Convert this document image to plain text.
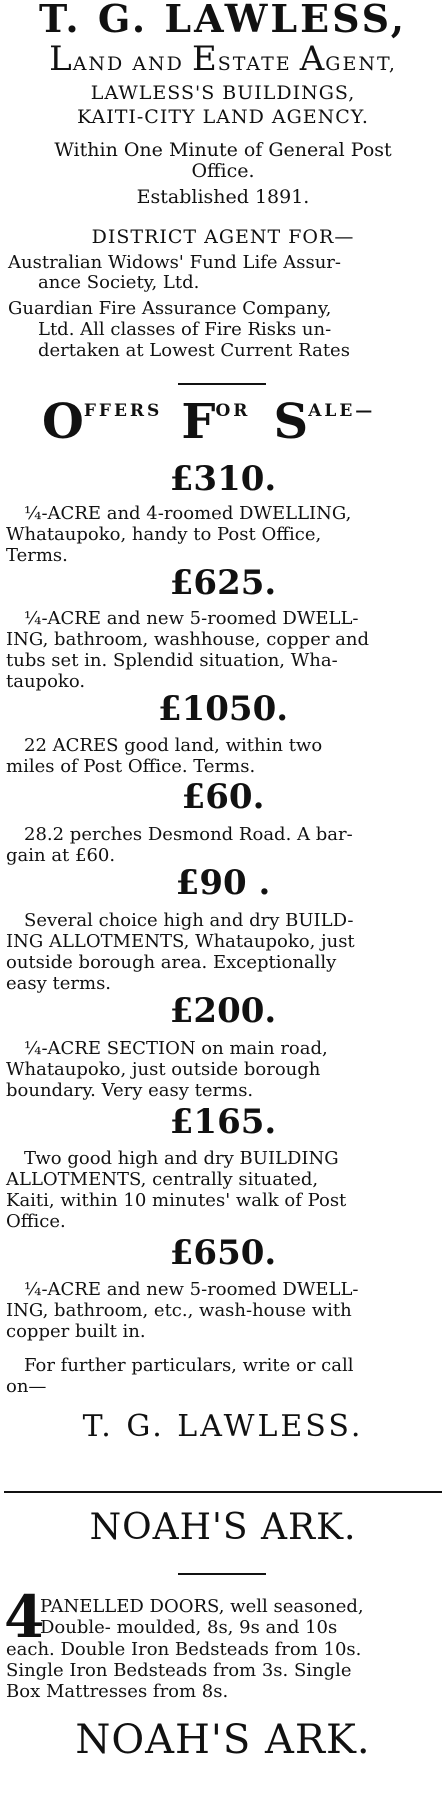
T. G. LAWLESS,
LAND AND ESTATE AGENT,
LAWLESS'S BUILDINGS,
KAITI-CITY LAND AGENCY.
Within One Minute of General Post
Office.
Established 1891.
DISTRICT AGENT FOR—
Australian Widows' Fund Life Assur-
ance Society, Ltd.
Guardian Fire Assurance Company,
Ltd. All classes of Fire Risks un-
dertaken at Lowest Current Rates
OFFERS FOR SALE—
£310.
¼-ACRE and 4-roomed DWELLING,
Whataupoko, handy to Post Office,
Terms.
£625.
¼-ACRE and new 5-roomed DWELL-
ING, bathroom, washhouse, copper and
tubs set in. Splendid situation, Wha-
taupoko.
£1050.
22 ACRES good land, within two
miles of Post Office. Terms.
£60.
28.2 perches Desmond Road. A bar-
gain at £60.
£90 .
Several choice high and dry BUILD-
ING ALLOTMENTS, Whataupoko, just
outside borough area. Exceptionally
easy terms.
£200.
¼-ACRE SECTION on main road,
Whataupoko, just outside borough
boundary. Very easy terms.
£165.
Two good high and dry BUILDING
ALLOTMENTS, centrally situated,
Kaiti, within 10 minutes' walk of Post
Office.
£650.
¼-ACRE and new 5-roomed DWELL-
ING, bathroom, etc., wash-house with
copper built in.
For further particulars, write or call
on—
T. G. LAWLESS.
NOAH'S ARK.
4
PANELLED DOORS, well seasoned,
Double- moulded, 8s, 9s and 10s
each. Double Iron Bedsteads from 10s.
Single Iron Bedsteads from 3s. Single
Box Mattresses from 8s.
NOAH'S ARK.
